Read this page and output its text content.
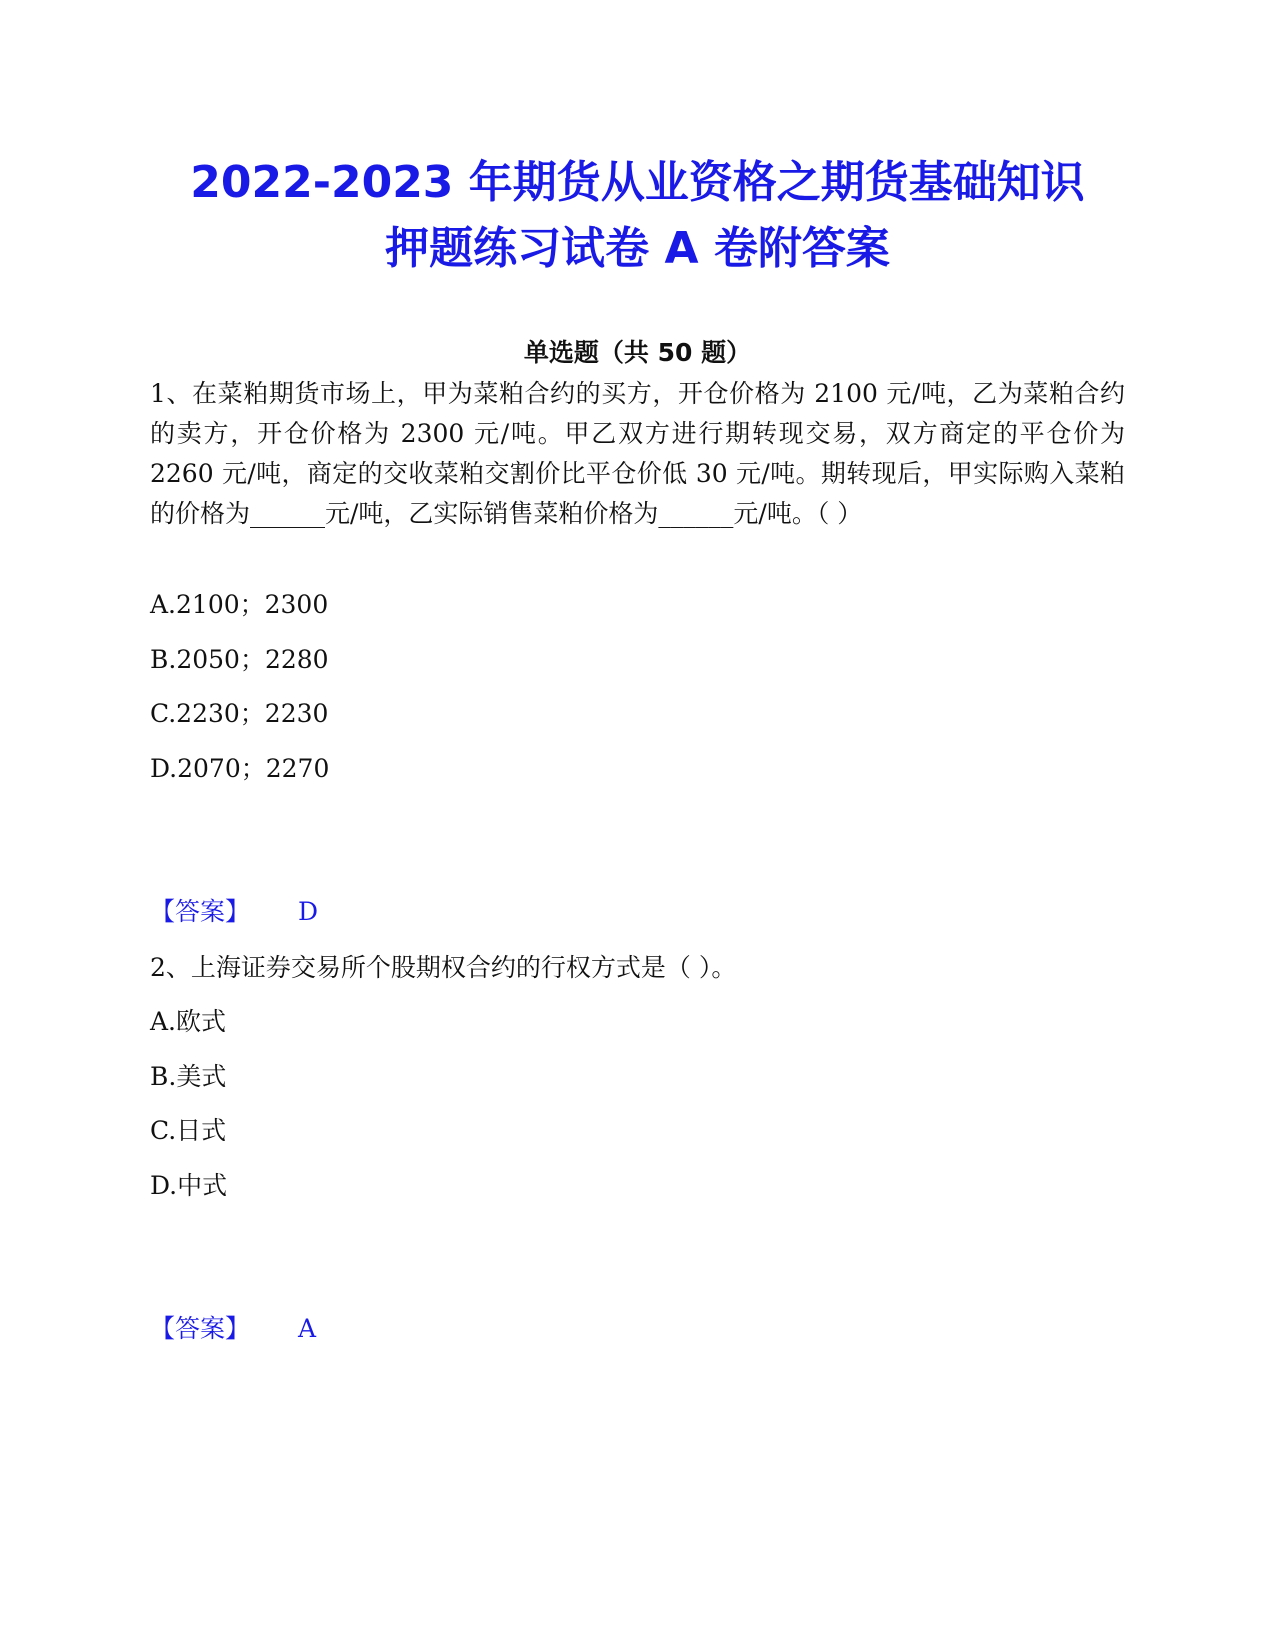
2022-2023 年期货从业资格之期货基础知识
押题练习试卷 A 卷附答案
单选题（共 50 题）

1、在菜粕期货市场上，甲为菜粕合约的买方，开仓价格为 2100 元/吨，乙为菜粕合约的卖方，开仓价格为 2300 元/吨。甲乙双方进行期转现交易，双方商定的平仓价为 2260 元/吨，商定的交收菜粕交割价比平仓价低 30 元/吨。期转现后，甲实际购入菜粕的价格为______元/吨，乙实际销售菜粕价格为______元/吨。（ ）

A.2100；2300
B.2050；2280
C.2230；2230
D.2070；2270
【答案】 D

2、上海证券交易所个股期权合约的行权方式是（ ）。

A.欧式
B.美式
C.日式
D.中式
【答案】 A
